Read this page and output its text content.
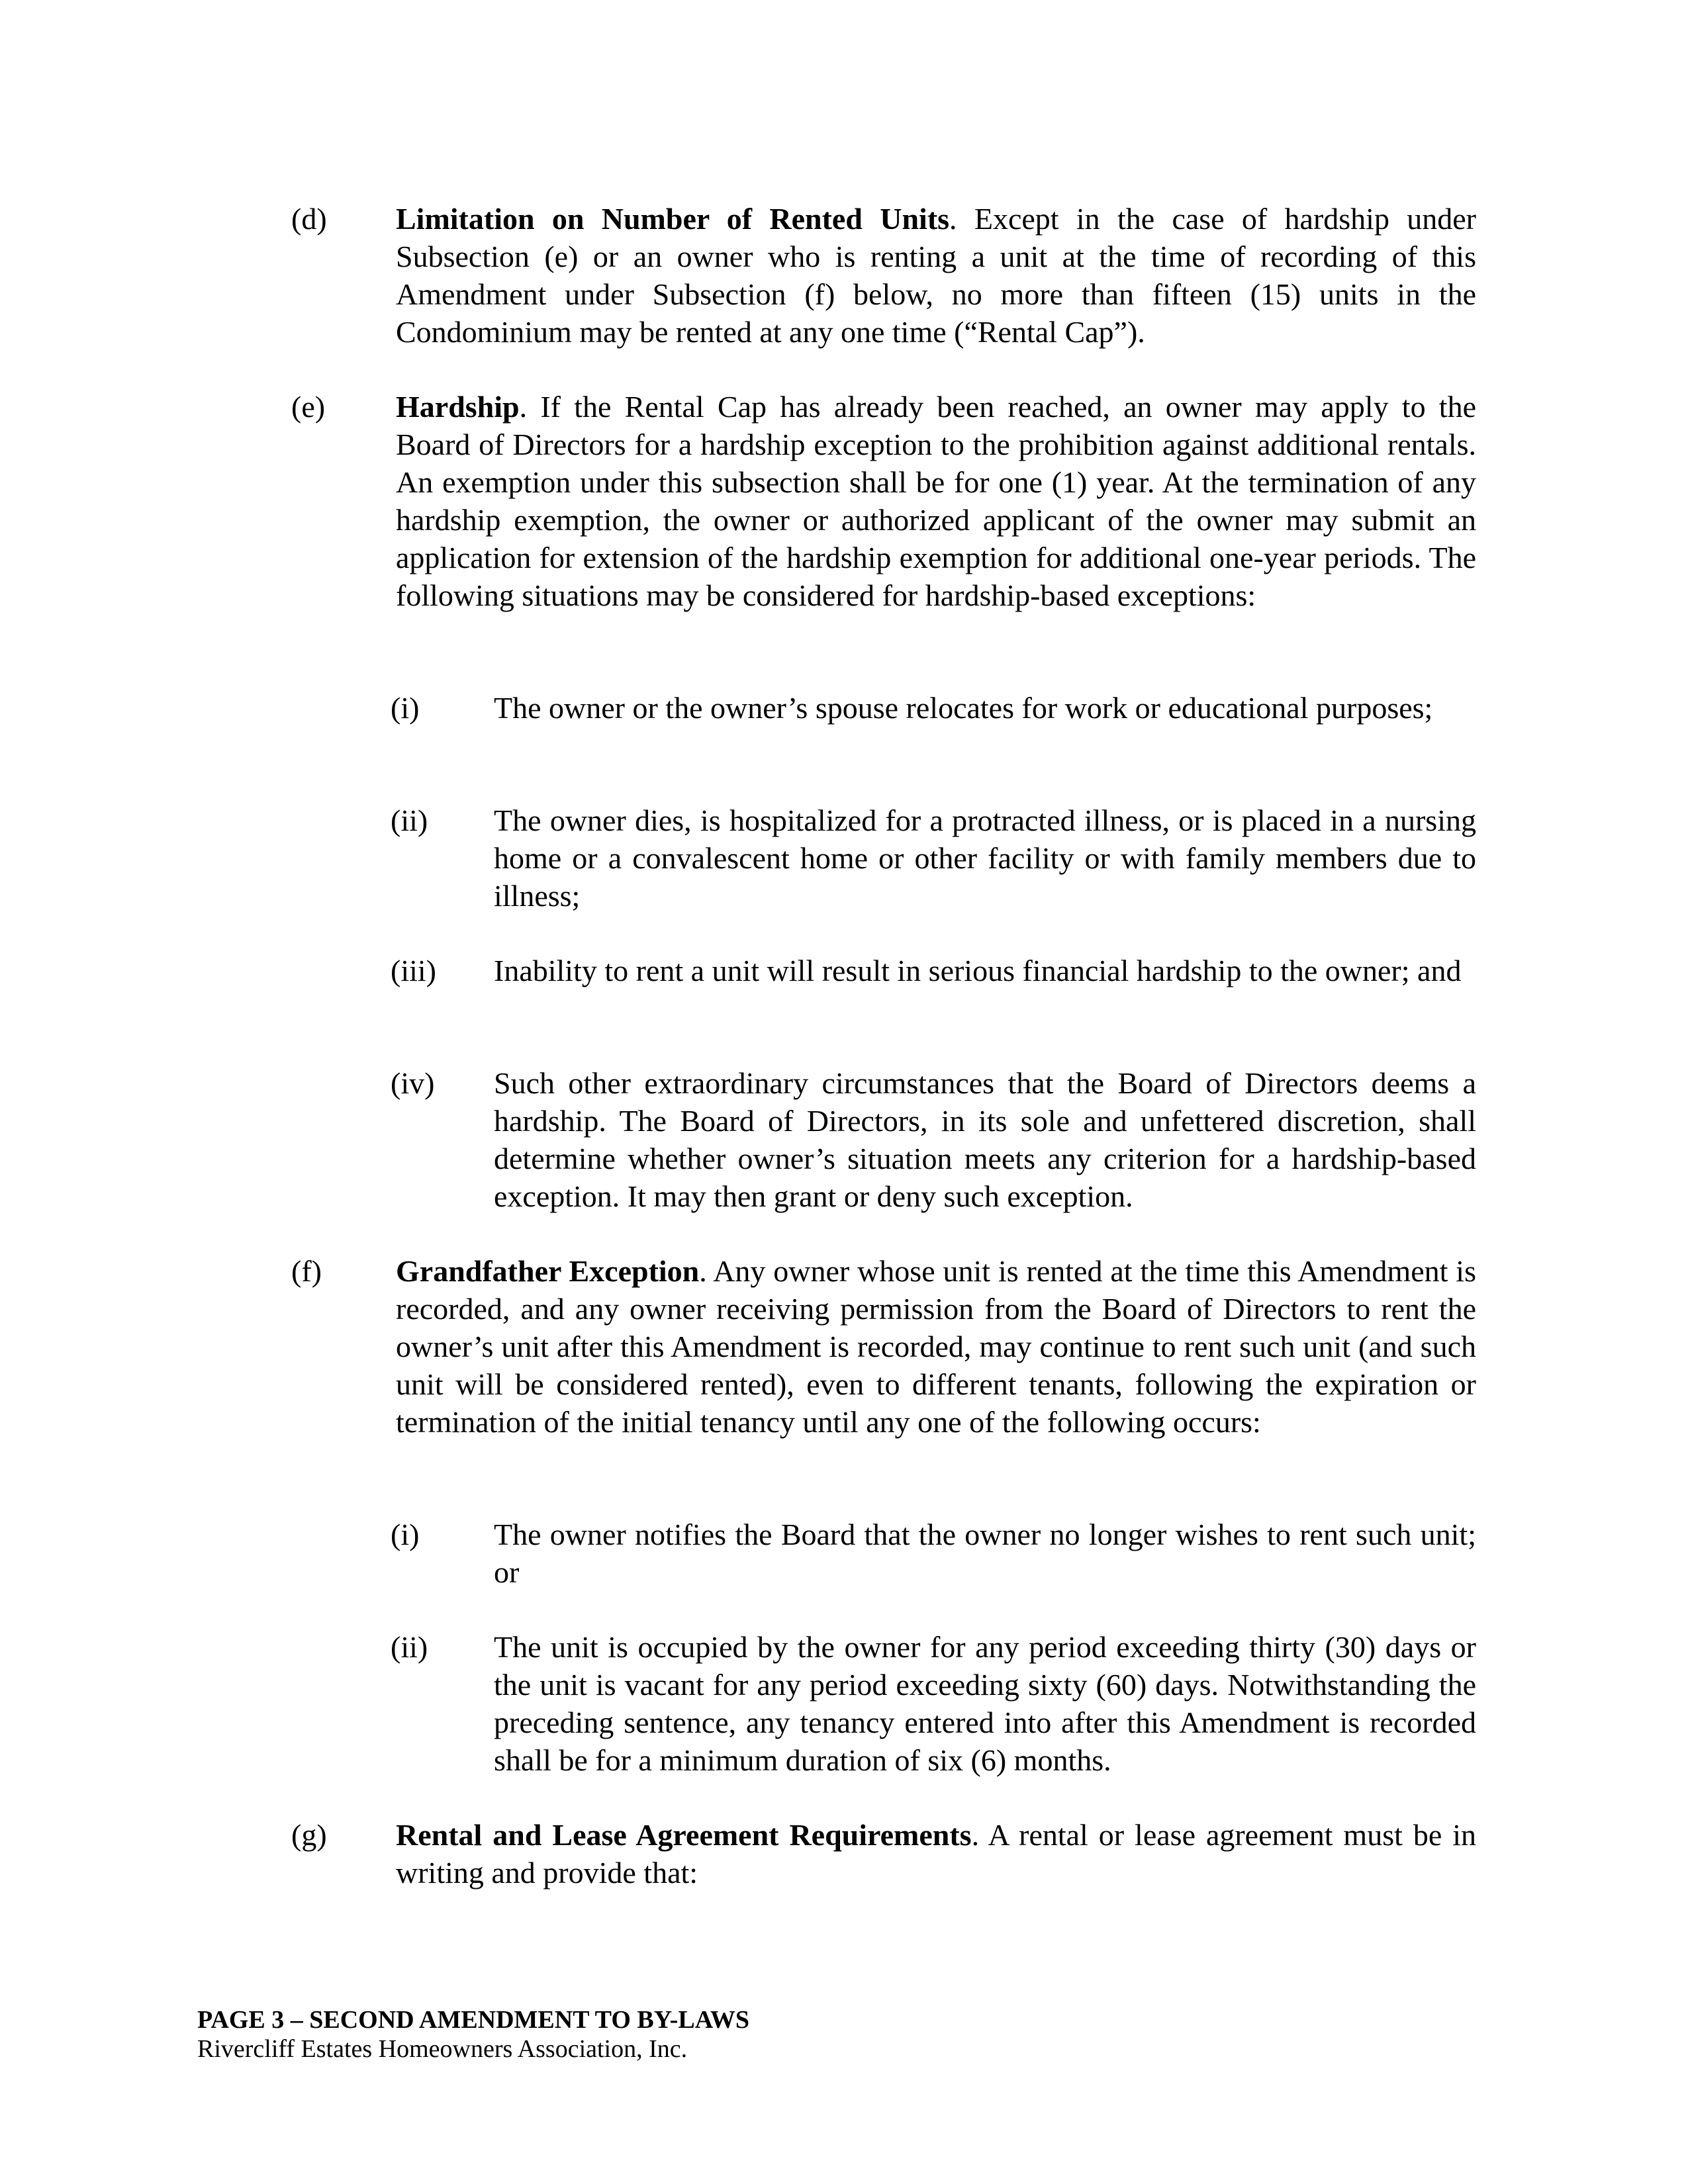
(d) Limitation on Number of Rented Units. Except in the case of hardship under Subsection (e) or an owner who is renting a unit at the time of recording of this Amendment under Subsection (f) below, no more than fifteen (15) units in the Condominium may be rented at any one time (“Rental Cap”).
(e) Hardship. If the Rental Cap has already been reached, an owner may apply to the Board of Directors for a hardship exception to the prohibition against additional rentals. An exemption under this subsection shall be for one (1) year. At the termination of any hardship exemption, the owner or authorized applicant of the owner may submit an application for extension of the hardship exemption for additional one-year periods. The following situations may be considered for hardship-based exceptions:
(i) The owner or the owner’s spouse relocates for work or educational purposes;
(ii) The owner dies, is hospitalized for a protracted illness, or is placed in a nursing home or a convalescent home or other facility or with family members due to illness;
(iii) Inability to rent a unit will result in serious financial hardship to the owner; and
(iv) Such other extraordinary circumstances that the Board of Directors deems a hardship. The Board of Directors, in its sole and unfettered discretion, shall determine whether owner’s situation meets any criterion for a hardship-based exception. It may then grant or deny such exception.
(f) Grandfather Exception. Any owner whose unit is rented at the time this Amendment is recorded, and any owner receiving permission from the Board of Directors to rent the owner’s unit after this Amendment is recorded, may continue to rent such unit (and such unit will be considered rented), even to different tenants, following the expiration or termination of the initial tenancy until any one of the following occurs:
(i) The owner notifies the Board that the owner no longer wishes to rent such unit; or
(ii) The unit is occupied by the owner for any period exceeding thirty (30) days or the unit is vacant for any period exceeding sixty (60) days. Notwithstanding the preceding sentence, any tenancy entered into after this Amendment is recorded shall be for a minimum duration of six (6) months.
(g) Rental and Lease Agreement Requirements. A rental or lease agreement must be in writing and provide that:
PAGE 3 – SECOND AMENDMENT TO BY-LAWS
Rivercliff Estates Homeowners Association, Inc.
